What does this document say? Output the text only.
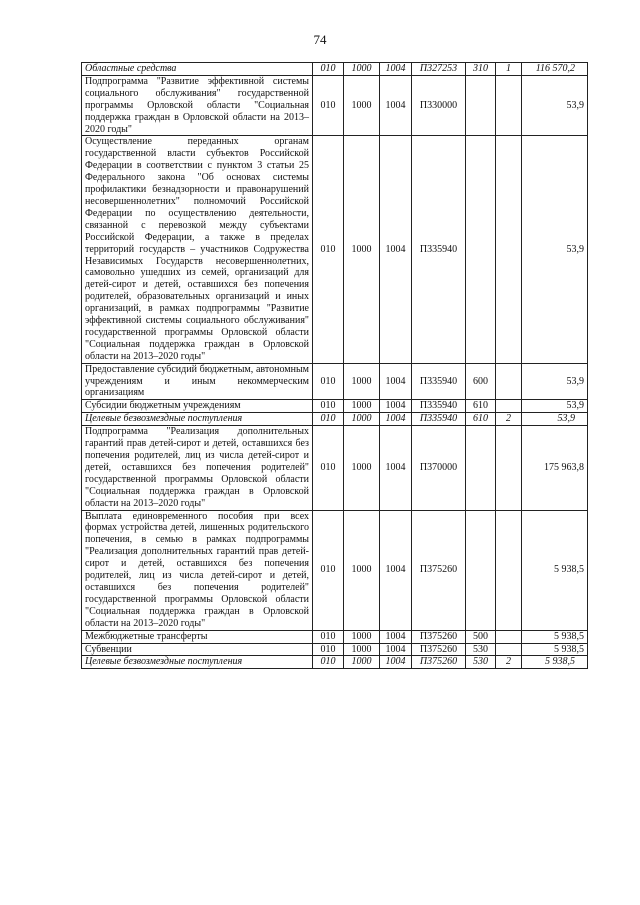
74
Областные средства	010	1000	1004	П327253	310	1	116 570,2
Подпрограмма "Развитие эффективной системы социального обслуживания" государственной программы Орловской области "Социальная поддержка граждан в Орловской области на 2013–2020 годы"	010	1000	1004	П330000			53,9
Осуществление переданных органам государственной власти субъектов Российской Федерации в соответствии с пунктом 3 статьи 25 Федерального закона "Об основах системы профилактики безнадзорности и правонарушений несовершеннолетних" полномочий Российской Федерации по осуществлению деятельности, связанной с перевозкой между субъектами Российской Федерации, а также в пределах территорий государств – участников Содружества Независимых Государств несовершеннолетних, самовольно ушедших из семей, организаций для детей-сирот и детей, оставшихся без попечения родителей, образовательных организаций и иных организаций, в рамках подпрограммы "Развитие эффективной системы социального обслуживания" государственной программы Орловской области "Социальная поддержка граждан в Орловской области на 2013–2020 годы"	010	1000	1004	П335940			53,9
Предоставление субсидий бюджетным, автономным учреждениям и иным некоммерческим организациям	010	1000	1004	П335940	600		53,9
Субсидии бюджетным учреждениям	010	1000	1004	П335940	610		53,9
Целевые безвозмездные поступления	010	1000	1004	П335940	610	2	53,9
Подпрограмма "Реализация дополнительных гарантий прав детей-сирот и детей, оставшихся без попечения родителей, лиц из числа детей-сирот и детей, оставшихся без попечения родителей" государственной программы Орловской области "Социальная поддержка граждан в Орловской области на 2013–2020 годы"	010	1000	1004	П370000			175 963,8
Выплата единовременного пособия при всех формах устройства детей, лишенных родительского попечения, в семью в рамках подпрограммы "Реализация дополнительных гарантий прав детей-сирот и детей, оставшихся без попечения родителей, лиц из числа детей-сирот и детей, оставшихся без попечения родителей" государственной программы Орловской области "Социальная поддержка граждан в Орловской области на 2013–2020 годы"	010	1000	1004	П375260			5 938,5
Межбюджетные трансферты	010	1000	1004	П375260	500		5 938,5
Субвенции	010	1000	1004	П375260	530		5 938,5
Целевые безвозмездные поступления	010	1000	1004	П375260	530	2	5 938,5
